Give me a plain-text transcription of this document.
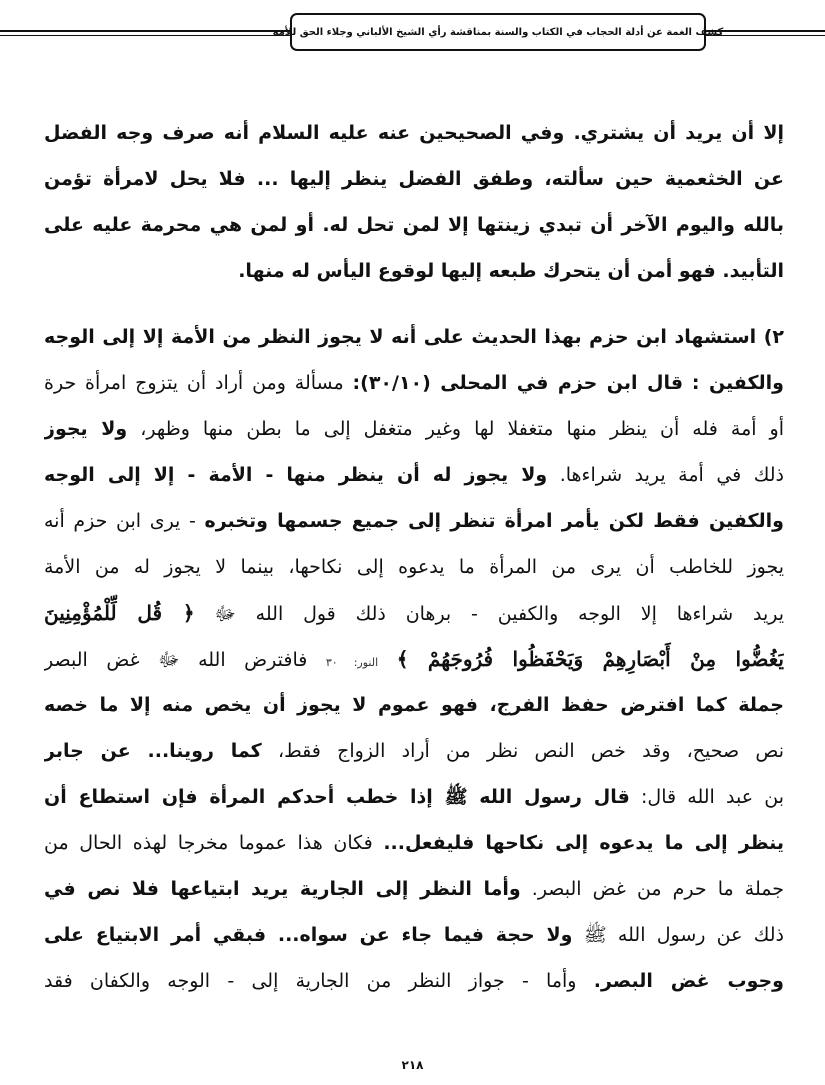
كشف الغمة عن أدلة الحجاب في الكتاب والسنة بمناقشة رأي الشيخ الألباني وجلاء الحق للأمة
إلا أن يريد أن يشتري. وفي الصحيحين عنه عليه السلام أنه صرف وجه الفضل
عن الخثعمية حين سألته، وطفق الفضل ينظر إليها ... فلا يحل لامرأة تؤمن
بالله واليوم الآخر أن تبدي زينتها إلا لمن تحل له. أو لمن هي محرمة عليه على
التأبيد. فهو أمن أن يتحرك طبعه إليها لوقوع اليأس له منها.
٢) استشهاد ابن حزم بهذا الحديث على أنه لا يجوز النظر من الأمة إلا إلى الوجه
والكفين : قال ابن حزم في المحلى (٣٠/١٠): مسألة ومن أراد أن يتزوج امرأة حرة
أو أمة فله أن ينظر منها متغفلا لها وغير متغفل إلى ما بطن منها وظهر، ولا يجوز
ذلك في أمة يريد شراءها. ولا يجوز له أن ينظر منها - الأمة - إلا إلى الوجه
والكفين فقط لكن يأمر امرأة تنظر إلى جميع جسمها وتخبره - يرى ابن حزم أنه
يجوز للخاطب أن يرى من المرأة ما يدعوه إلى نكاحها، بينما لا يجوز له من الأمة
يريد شراءها إلا الوجه والكفين - برهان ذلك قول الله ﷻ ﴿ قُل لِّلْمُؤْمِنِينَ
يَغُضُّوا مِنْ أَبْصَارِهِمْ وَيَحْفَظُوا فُرُوجَهُمْ ﴾ النور: ٣٠ فافترض الله ﷻ غض البصر
جملة كما افترض حفظ الفرج، فهو عموم لا يجوز أن يخص منه إلا ما خصه
نص صحيح، وقد خص النص نظر من أراد الزواج فقط، كما روينا... عن جابر
بن عبد الله قال: قال رسول الله ﷺ إذا خطب أحدكم المرأة فإن استطاع أن
ينظر إلى ما يدعوه إلى نكاحها فليفعل... فكان هذا عموما مخرجا لهذه الحال من
جملة ما حرم من غض البصر. وأما النظر إلى الجارية يريد ابتياعها فلا نص في
ذلك عن رسول الله ﷺ ولا حجة فيما جاء عن سواه... فبقي أمر الابتياع على
وجوب غض البصر. وأما - جواز النظر من الجارية إلى - الوجه والكفان فقد
٢١٨
